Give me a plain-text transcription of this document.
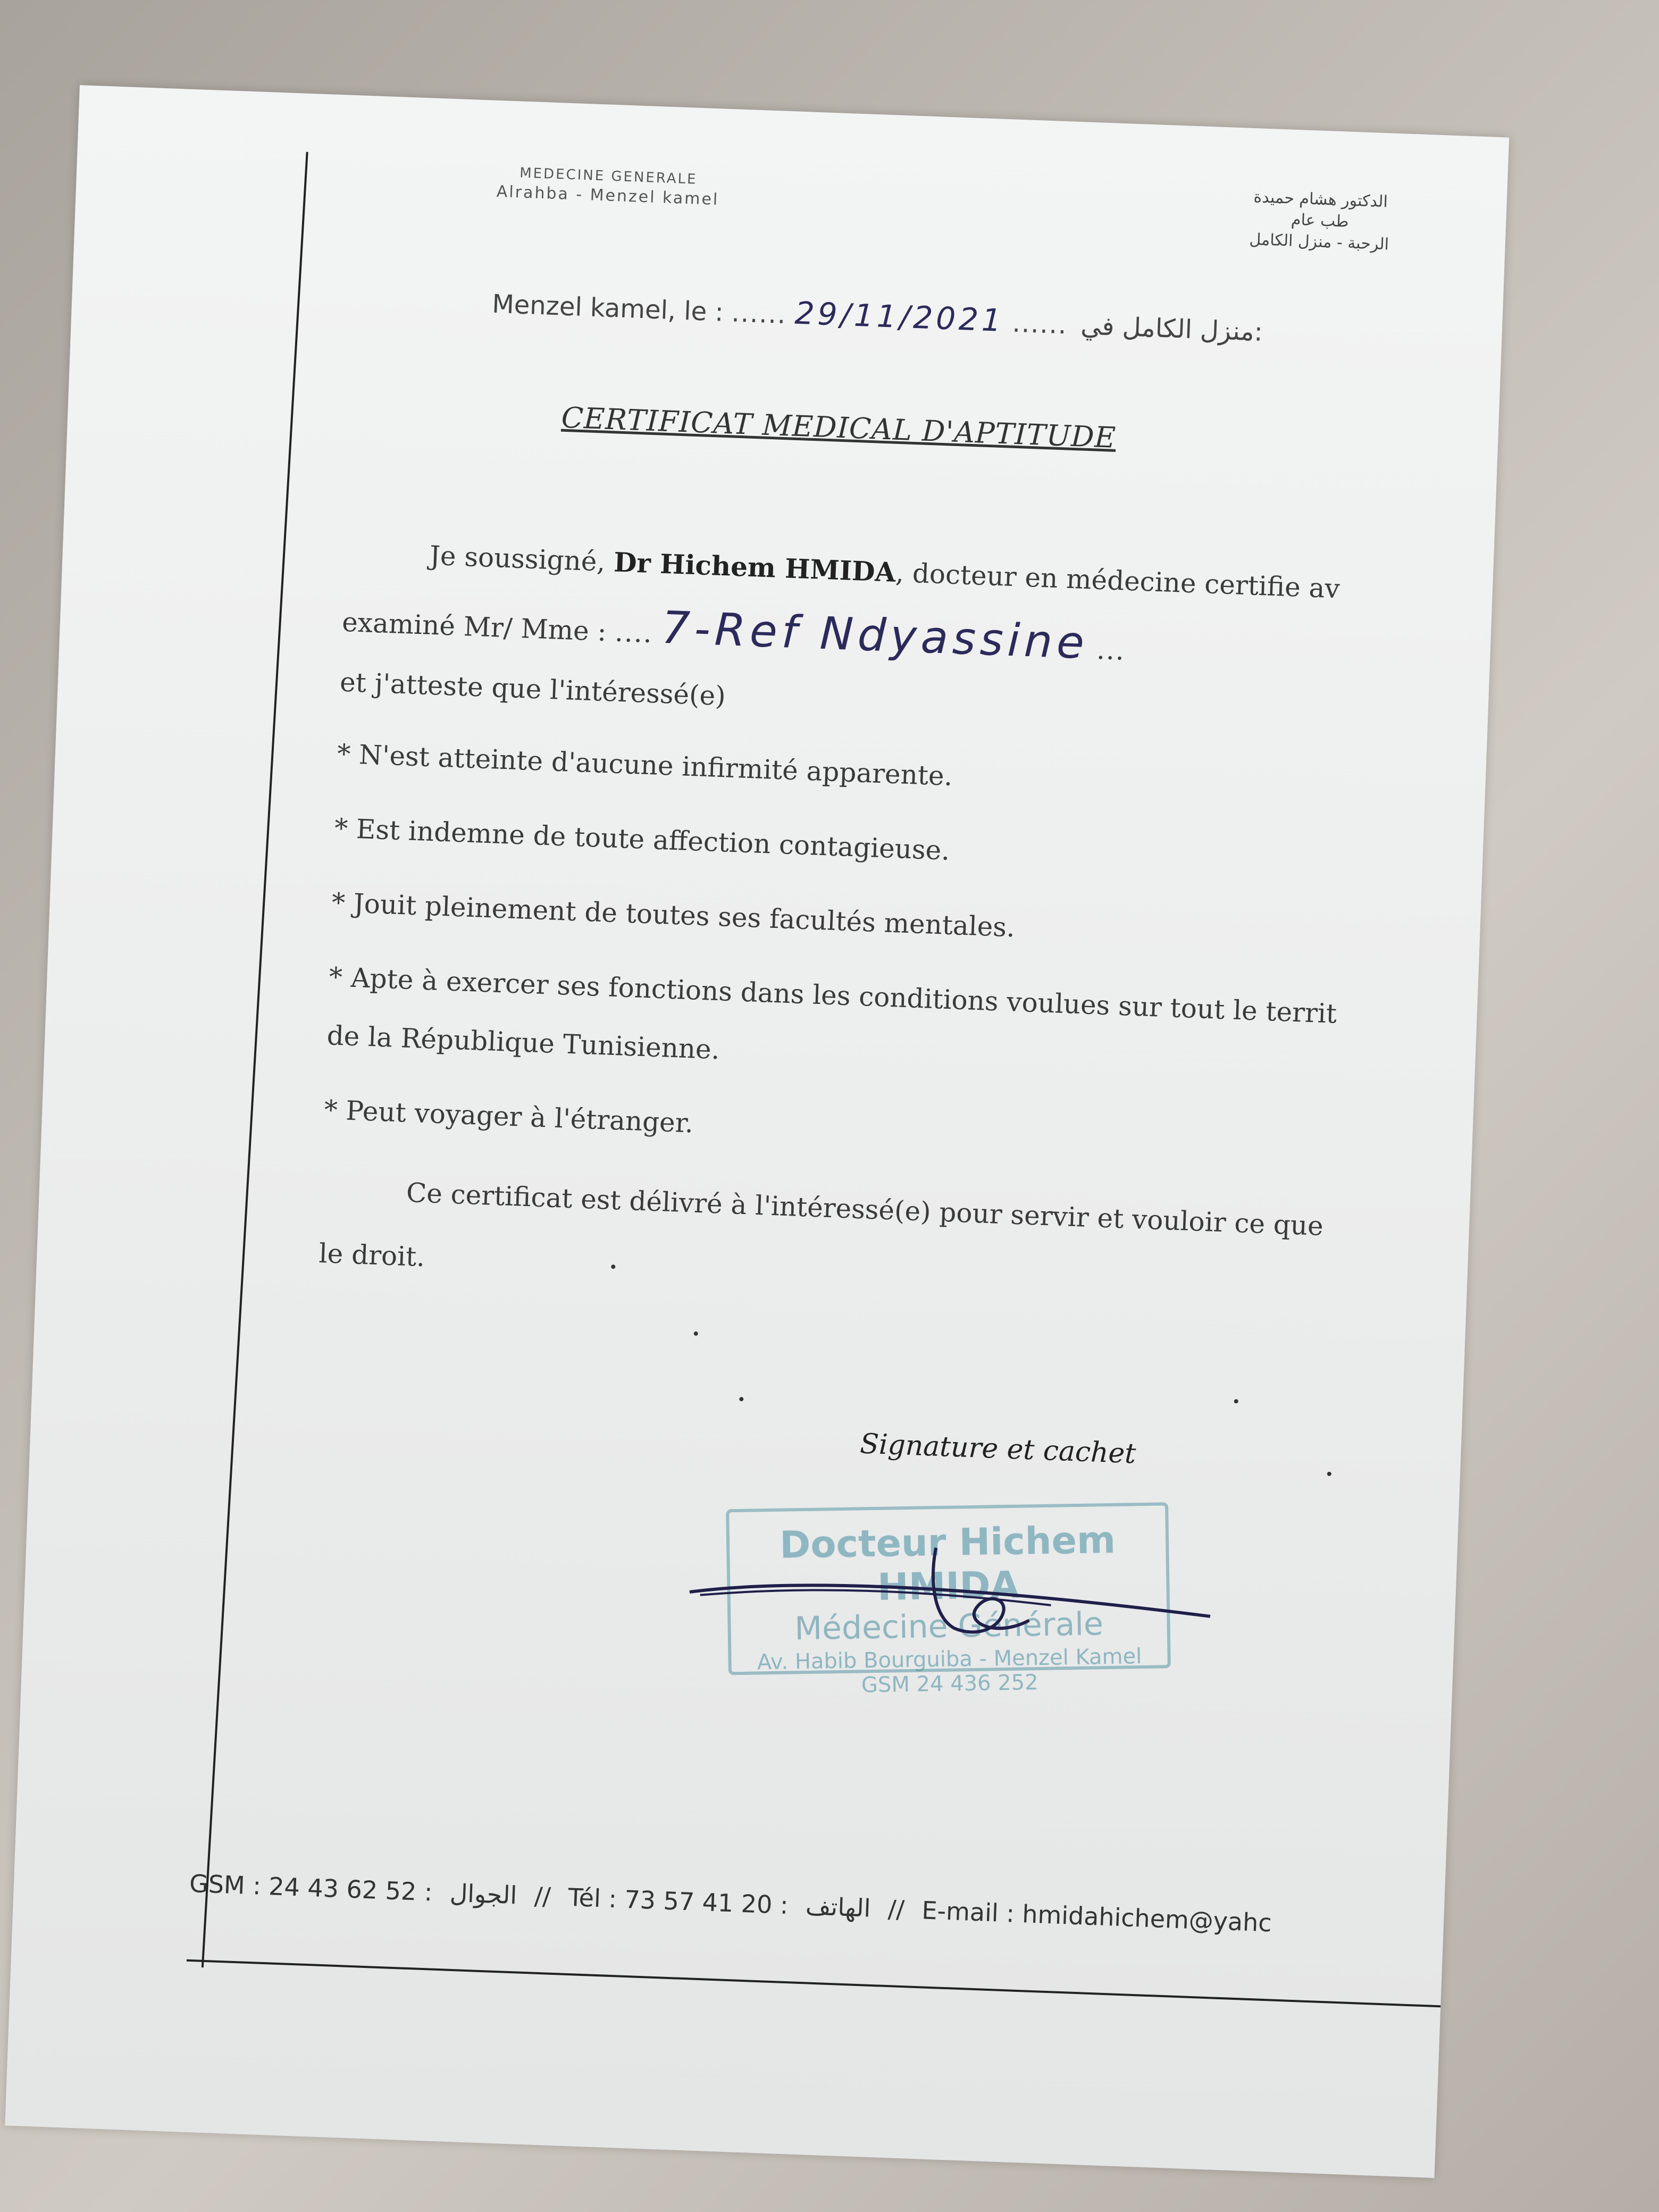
MEDECINE GENERALE
Alrahba - Menzel kamel	الدكتور هشام حميدة
طب عام
الرحبة - منزل الكامل
Menzel kamel, le : ...... 29/11/2021 ...... منزل الكامل في:
CERTIFICAT MEDICAL D'APTITUDE
Je soussigné, Dr Hichem HMIDA, docteur en médecine certifie av
examiné Mr/ Mme : .... 7-Ref Ndyassine ...
et j'atteste que l'intéressé(e)
* N'est atteinte d'aucune infirmité apparente.
* Est indemne de toute affection contagieuse.
* Jouit pleinement de toutes ses facultés mentales.
* Apte à exercer ses fonctions dans les conditions voulues sur tout le territ
de la République Tunisienne.
* Peut voyager à l'étranger.
Ce certificat est délivré à l'intéressé(e) pour servir et vouloir ce que
le droit.
Signature et cachet
Docteur Hichem HMIDA
Médecine Générale
Av. Habib Bourguiba - Menzel Kamel
GSM 24 436 252
GSM : 24 43 62 52 : الجوال // Tél : 73 57 41 20 : الهاتف // E-mail : hmidahichem@yahc
